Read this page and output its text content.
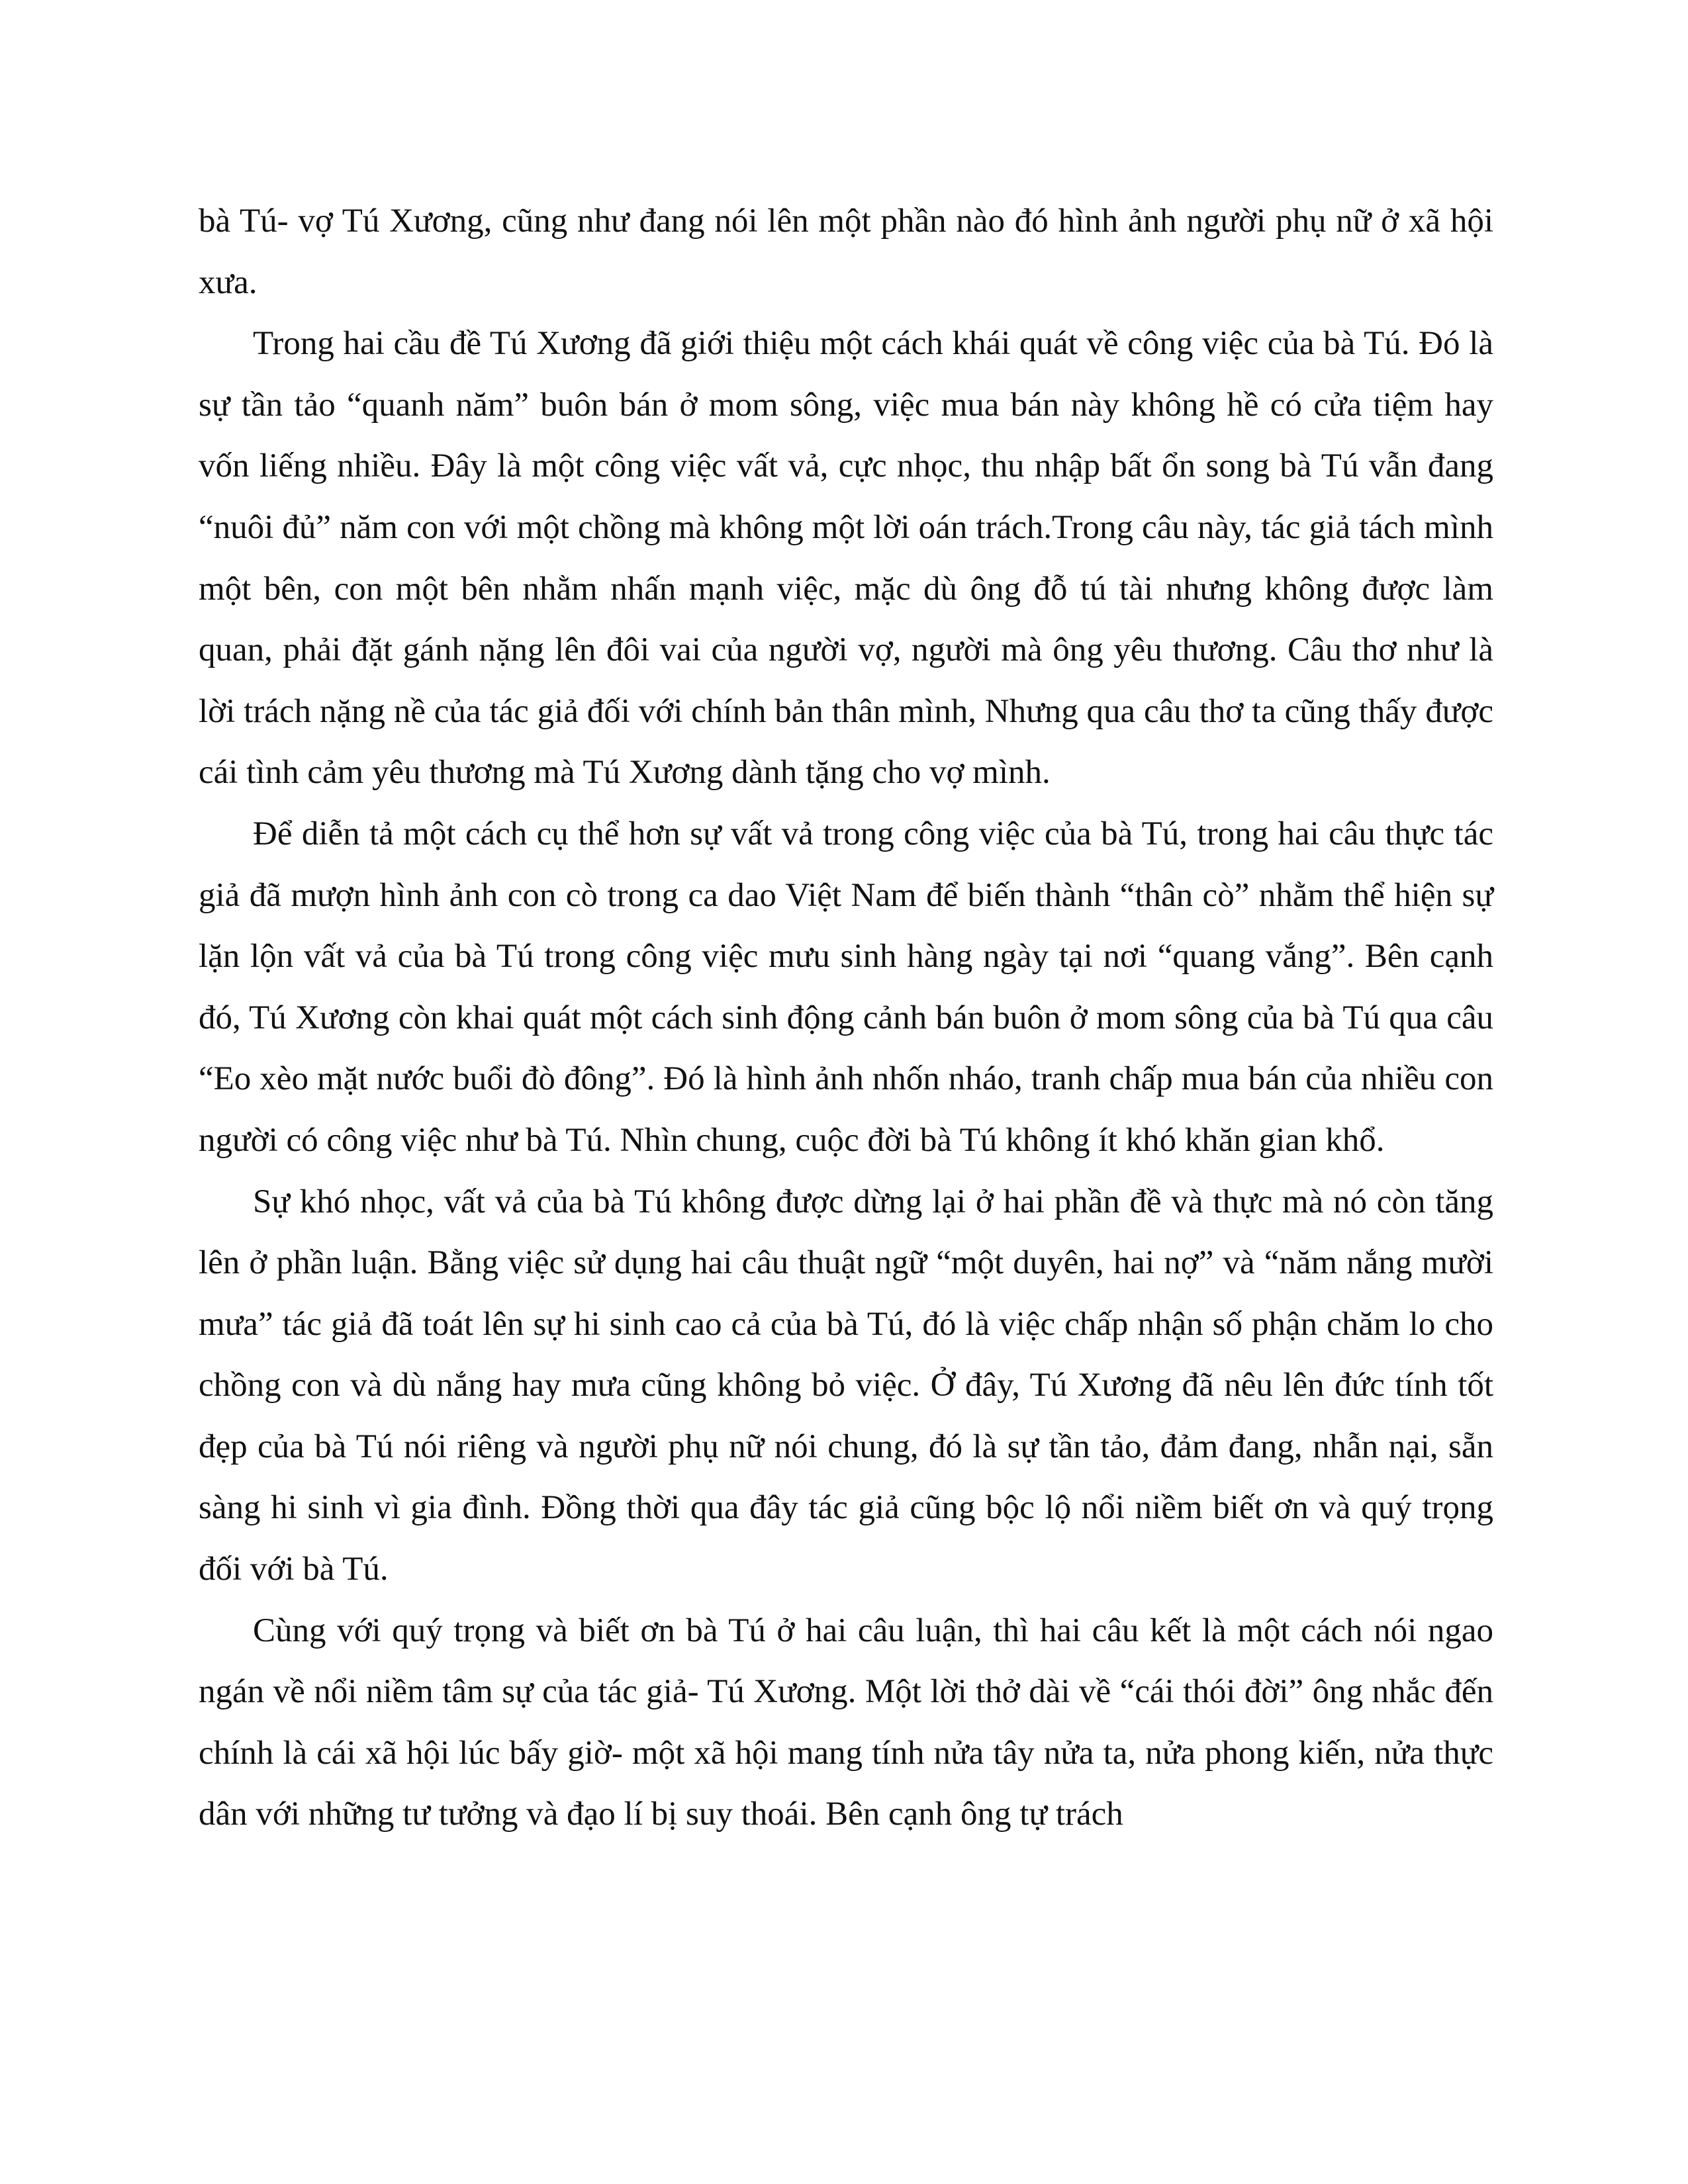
bà Tú- vợ Tú Xương, cũng như đang nói lên một phần nào đó hình ảnh người phụ nữ ở xã hội xưa.

Trong hai cầu đề Tú Xương đã giới thiệu một cách khái quát về công việc của bà Tú. Đó là sự tần tảo “quanh năm” buôn bán ở mom sông, việc mua bán này không hề có cửa tiệm hay vốn liếng nhiều. Đây là một công việc vất vả, cực nhọc, thu nhập bất ổn song bà Tú vẫn đang “nuôi đủ” năm con với một chồng mà không một lời oán trách.Trong câu này, tác giả tách mình một bên, con một bên nhằm nhấn mạnh việc, mặc dù ông đỗ tú tài nhưng không được làm quan, phải đặt gánh nặng lên đôi vai của người vợ, người mà ông yêu thương. Câu thơ như là lời trách nặng nề của tác giả đối với chính bản thân mình, Nhưng qua câu thơ ta cũng thấy được cái tình cảm yêu thương mà Tú Xương dành tặng cho vợ mình.

Để diễn tả một cách cụ thể hơn sự vất vả trong công việc của bà Tú, trong hai câu thực tác giả đã mượn hình ảnh con cò trong ca dao Việt Nam để biến thành “thân cò” nhằm thể hiện sự lặn lộn vất vả của bà Tú trong công việc mưu sinh hàng ngày tại nơi “quang vắng”. Bên cạnh đó, Tú Xương còn khai quát một cách sinh động cảnh bán buôn ở mom sông của bà Tú qua câu “Eo xèo mặt nước buổi đò đông”. Đó là hình ảnh nhốn nháo, tranh chấp mua bán của nhiều con người có công việc như bà Tú. Nhìn chung, cuộc đời bà Tú không ít khó khăn gian khổ.

Sự khó nhọc, vất vả của bà Tú không được dừng lại ở hai phần đề và thực mà nó còn tăng lên ở phần luận. Bằng việc sử dụng hai câu thuật ngữ “một duyên, hai nợ” và “năm nắng mười mưa” tác giả đã toát lên sự hi sinh cao cả của bà Tú, đó là việc chấp nhận số phận chăm lo cho chồng con và dù nắng hay mưa cũng không bỏ việc. Ở đây, Tú Xương đã nêu lên đức tính tốt đẹp của bà Tú nói riêng và người phụ nữ nói chung, đó là sự tần tảo, đảm đang, nhẫn nại, sẵn sàng hi sinh vì gia đình. Đồng thời qua đây tác giả cũng bộc lộ nổi niềm biết ơn và quý trọng đối với bà Tú.

Cùng với quý trọng và biết ơn bà Tú ở hai câu luận, thì hai câu kết là một cách nói ngao ngán về nổi niềm tâm sự của tác giả- Tú Xương. Một lời thở dài về “cái thói đời” ông nhắc đến chính là cái xã hội lúc bấy giờ- một xã hội mang tính nửa tây nửa ta, nửa phong kiến, nửa thực dân với những tư tưởng và đạo lí bị suy thoái. Bên cạnh ông tự trách
